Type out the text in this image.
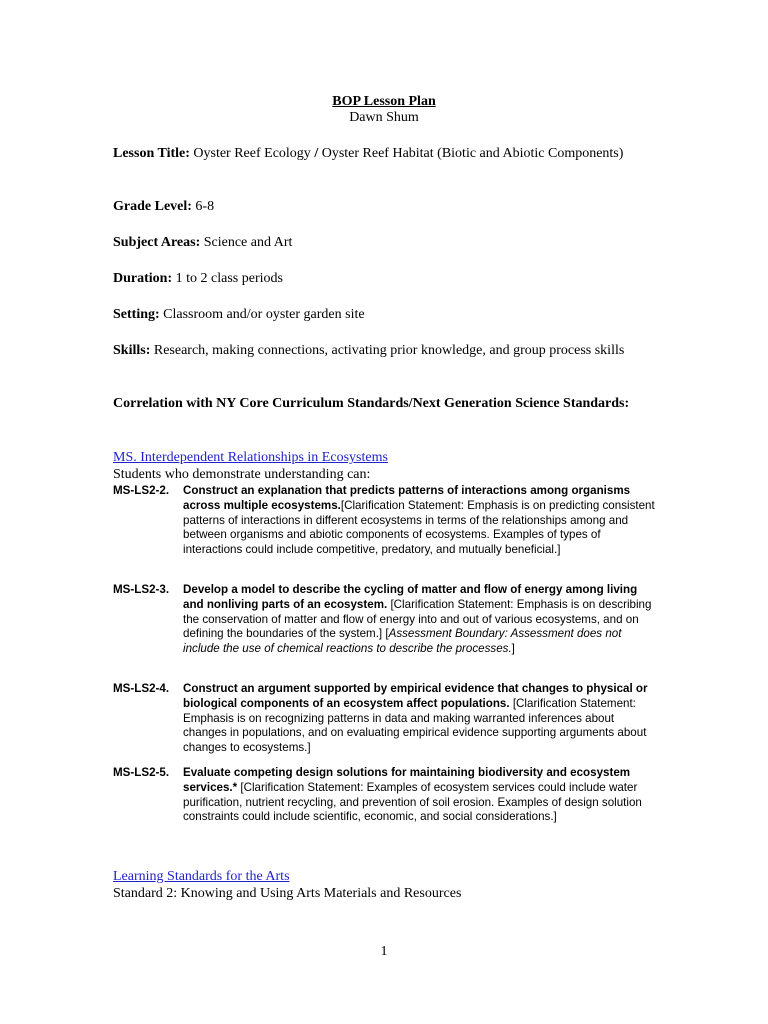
BOP Lesson Plan
Dawn Shum
Lesson Title: Oyster Reef Ecology / Oyster Reef Habitat (Biotic and Abiotic Components)
Grade Level: 6-8
Subject Areas: Science and Art
Duration: 1 to 2 class periods
Setting: Classroom and/or oyster garden site
Skills: Research, making connections, activating prior knowledge, and group process skills
Correlation with NY Core Curriculum Standards/Next Generation Science Standards:
MS. Interdependent Relationships in Ecosystems
Students who demonstrate understanding can:
MS-LS2-2.	Construct an explanation that predicts patterns of interactions among organisms across multiple ecosystems.[Clarification Statement: Emphasis is on predicting consistent patterns of interactions in different ecosystems in terms of the relationships among and between organisms and abiotic components of ecosystems. Examples of types of interactions could include competitive, predatory, and mutually beneficial.]
MS-LS2-3.	Develop a model to describe the cycling of matter and flow of energy among living and nonliving parts of an ecosystem. [Clarification Statement: Emphasis is on describing the conservation of matter and flow of energy into and out of various ecosystems, and on defining the boundaries of the system.] [Assessment Boundary: Assessment does not include the use of chemical reactions to describe the processes.]
MS-LS2-4.	Construct an argument supported by empirical evidence that changes to physical or biological components of an ecosystem affect populations. [Clarification Statement: Emphasis is on recognizing patterns in data and making warranted inferences about changes in populations, and on evaluating empirical evidence supporting arguments about changes to ecosystems.]
MS-LS2-5.	Evaluate competing design solutions for maintaining biodiversity and ecosystem services.* [Clarification Statement: Examples of ecosystem services could include water purification, nutrient recycling, and prevention of soil erosion. Examples of design solution constraints could include scientific, economic, and social considerations.]
Learning Standards for the Arts
Standard 2: Knowing and Using Arts Materials and Resources
1
